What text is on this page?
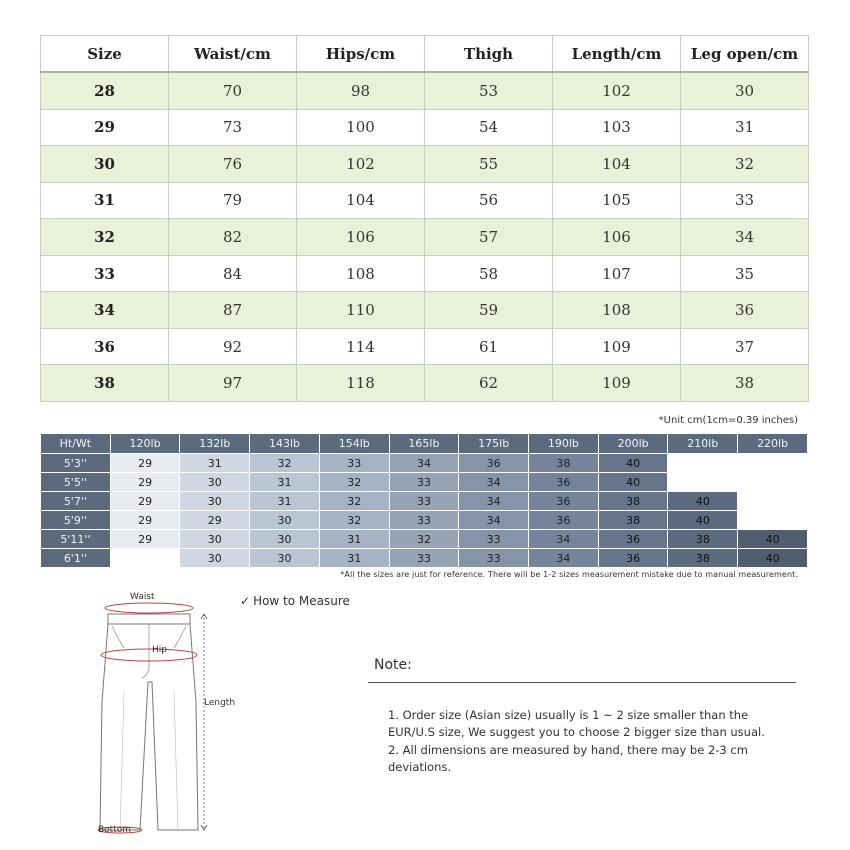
Size	Waist/cm	Hips/cm	Thigh	Length/cm	Leg open/cm
28	70	98	53	102	30
29	73	100	54	103	31
30	76	102	55	104	32
31	79	104	56	105	33
32	82	106	57	106	34
33	84	108	58	107	35
34	87	110	59	108	36
36	92	114	61	109	37
38	97	118	62	109	38
*Unit cm(1cm=0.39 inches)
Ht/Wt	120lb	132lb	143lb	154lb	165lb	175lb	190lb	200lb	210lb	220lb
5'3''	29	31	32	33	34	36	38	40		
5'5''	29	30	31	32	33	34	36	40		
5'7''	29	30	31	32	33	34	36	38	40	
5'9''	29	29	30	32	33	34	36	38	40	
5'11''	29	30	30	31	32	33	34	36	38	40
6'1''		30	30	31	33	33	34	36	38	40
*All the sizes are just for reference. There will be 1-2 sizes measurement mistake due to manual measurement.
Waist
Hip
Length
Bottom
✓ How to Measure
Note:
1. Order size (Asian size) usually is 1 ~ 2 size smaller than the EUR/U.S size, We suggest you to choose 2 bigger size than usual.
2. All dimensions are measured by hand, there may be 2-3 cm deviations.
